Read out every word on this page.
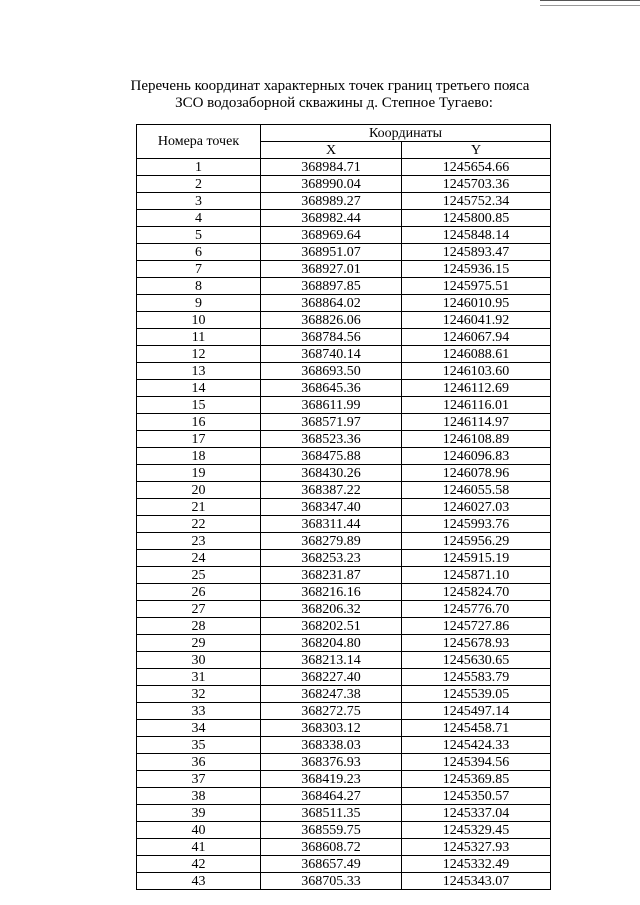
Перечень координат характерных точек границ третьего пояса
ЗСО водозаборной скважины д. Степное Тугаево:
Номера точек	Координаты	
	X	Y
1	368984.71	1245654.66
2	368990.04	1245703.36
3	368989.27	1245752.34
4	368982.44	1245800.85
5	368969.64	1245848.14
6	368951.07	1245893.47
7	368927.01	1245936.15
8	368897.85	1245975.51
9	368864.02	1246010.95
10	368826.06	1246041.92
11	368784.56	1246067.94
12	368740.14	1246088.61
13	368693.50	1246103.60
14	368645.36	1246112.69
15	368611.99	1246116.01
16	368571.97	1246114.97
17	368523.36	1246108.89
18	368475.88	1246096.83
19	368430.26	1246078.96
20	368387.22	1246055.58
21	368347.40	1246027.03
22	368311.44	1245993.76
23	368279.89	1245956.29
24	368253.23	1245915.19
25	368231.87	1245871.10
26	368216.16	1245824.70
27	368206.32	1245776.70
28	368202.51	1245727.86
29	368204.80	1245678.93
30	368213.14	1245630.65
31	368227.40	1245583.79
32	368247.38	1245539.05
33	368272.75	1245497.14
34	368303.12	1245458.71
35	368338.03	1245424.33
36	368376.93	1245394.56
37	368419.23	1245369.85
38	368464.27	1245350.57
39	368511.35	1245337.04
40	368559.75	1245329.45
41	368608.72	1245327.93
42	368657.49	1245332.49
43	368705.33	1245343.07
